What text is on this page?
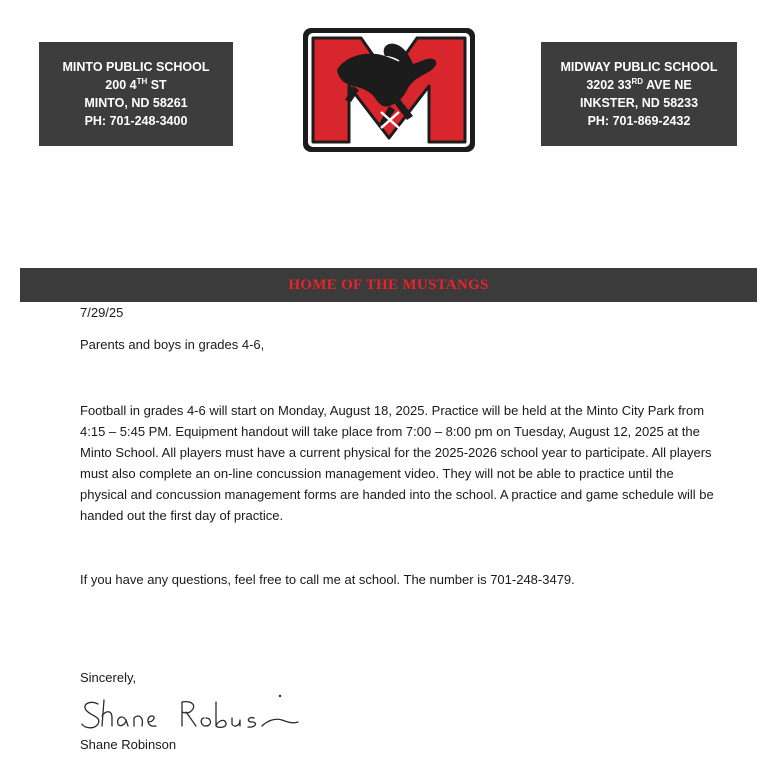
MINTO PUBLIC SCHOOL
200 4TH ST
MINTO, ND 58261
PH: 701-248-3400
MIDWAY PUBLIC SCHOOL
3202 33RD AVE NE
INKSTER, ND 58233
PH: 701-869-2432
HOME OF THE MUSTANGS
7/29/25
Parents and boys in grades 4-6,
Football in grades 4-6 will start on Monday, August 18, 2025. Practice will be held at the Minto City Park from 4:15 – 5:45 PM. Equipment handout will take place from 7:00 – 8:00 pm on Tuesday, August 12, 2025 at the Minto School. All players must have a current physical for the 2025-2026 school year to participate. All players must also complete an on-line concussion management video. They will not be able to practice until the physical and concussion management forms are handed into the school. A practice and game schedule will be handed out the first day of practice.
If you have any questions, feel free to call me at school. The number is 701-248-3479.
Sincerely,
Shane Robinson
